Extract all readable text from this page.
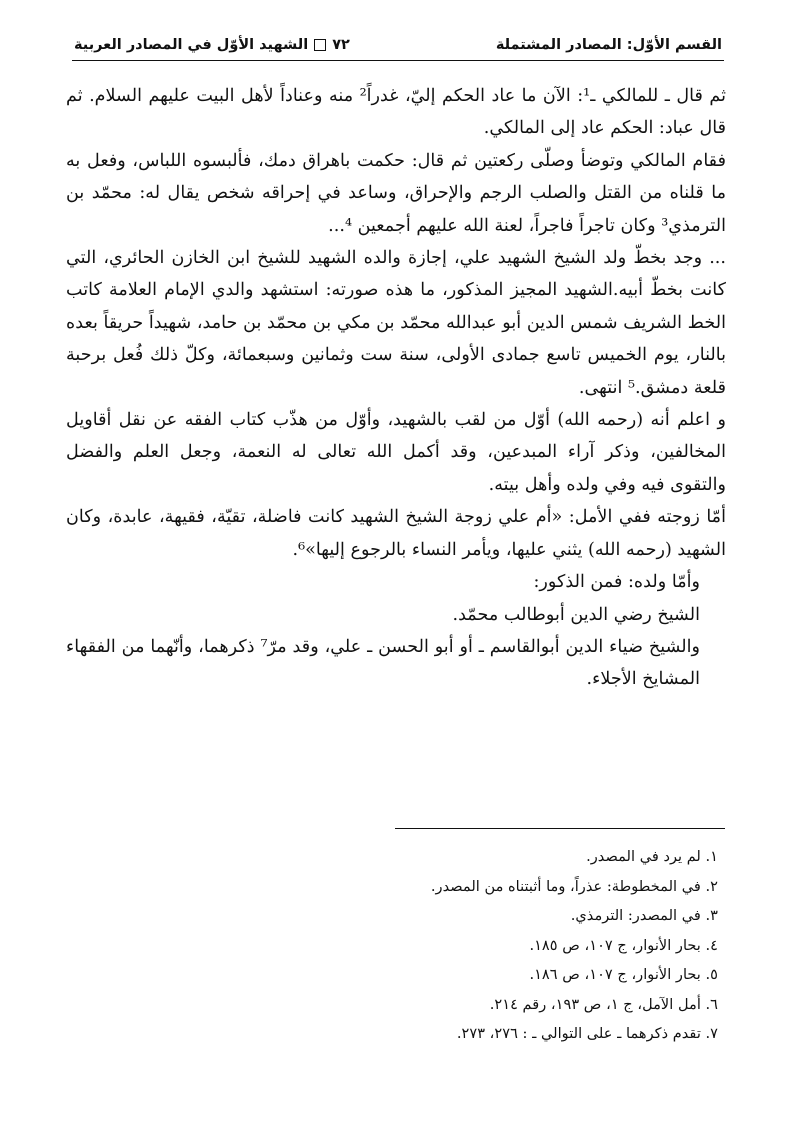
٧٢
الشهيد الأوّل في المصادر العربية	القسم الأوّل: المصادر المشتملة

ثم قال ـ للمالكي ـ¹: الآن ما عاد الحكم إليّ، غدراً² منه وعناداً لأهل البيت عليهم السلام. ثم قال عباد: الحكم عاد إلى المالكي.

فقام المالكي وتوضأ وصلّى ركعتين ثم قال: حكمت باهراق دمك، فألبسوه اللباس، وفعل به ما قلناه من القتل والصلب الرجم والإحراق، وساعد في إحراقه شخص يقال له: محمّد بن الترمذي³ وكان تاجراً فاجراً، لعنة الله عليهم أجمعين ⁴...

... وجد بخطّ ولد الشيخ الشهيد علي، إجازة والده الشهيد للشيخ ابن الخازن الحائري، التي كانت بخطّ أبيه.الشهيد المجيز المذكور، ما هذه صورته: استشهد والدي الإمام العلامة كاتب الخط الشريف شمس الدين أبو عبدالله محمّد بن مكي بن محمّد بن حامد، شهيداً حريقاً بعده بالنار، يوم الخميس تاسع جمادى الأولى، سنة ست وثمانين وسبعمائة، وكلّ ذلك فُعل برحبة قلعة دمشق.⁵ انتهى.

و اعلم أنه (رحمه الله) أوّل من لقب بالشهيد، وأوّل من هذّب كتاب الفقه عن نقل أقاويل المخالفين، وذكر آراء المبدعين، وقد أكمل الله تعالى له النعمة، وجعل العلم والفضل والتقوى فيه وفي ولده وأهل بيته.

أمّا زوجته ففي الأمل: «أم علي زوجة الشيخ الشهيد كانت فاضلة، تقيّة، فقيهة، عابدة، وكان الشهيد (رحمه الله) يثني عليها، ويأمر النساء بالرجوع إليها»⁶.

وأمّا ولده: فمن الذكور:

الشيخ رضي الدين أبوطالب محمّد.

والشيخ ضياء الدين أبوالقاسم ـ أو أبو الحسن ـ علي، وقد مرّ⁷ ذكرهما، وأنّهما من الفقهاء المشايخ الأجلاء.

١. لم يرد في المصدر.

٢. في المخطوطة: عذراً، وما أثبتناه من المصدر.

٣. في المصدر: الترمذي.

٤. بحار الأنوار، ج ١٠٧، ص ١٨٥.

٥. بحار الأنوار، ج ١٠٧، ص ١٨٦.

٦. أمل الآمل، ج ١، ص ١٩٣، رقم ٢١٤.

٧. تقدم ذكرهما ـ على التوالي ـ : ٢٧٦، ٢٧٣.
